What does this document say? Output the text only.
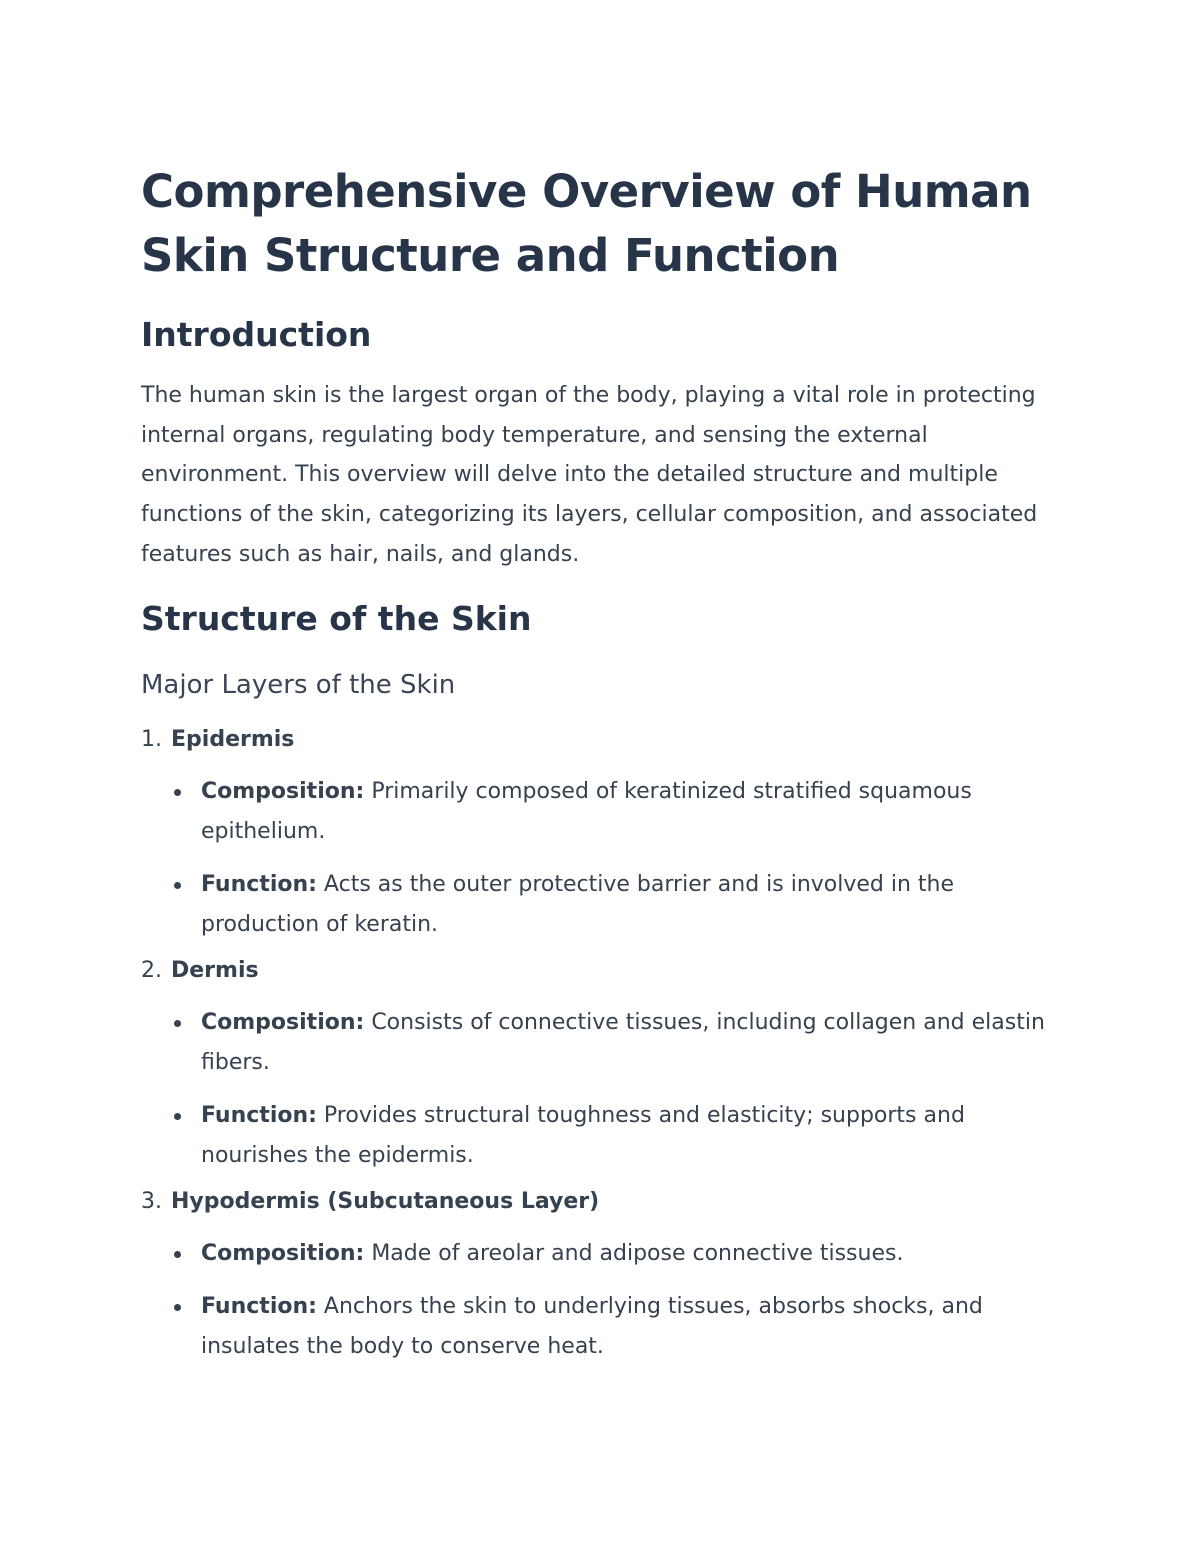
Comprehensive Overview of Human Skin Structure and Function
Introduction

The human skin is the largest organ of the body, playing a vital role in protecting internal organs, regulating body temperature, and sensing the external environment. This overview will delve into the detailed structure and multiple functions of the skin, categorizing its layers, cellular composition, and associated features such as hair, nails, and glands.

Structure of the Skin
Major Layers of the Skin
1. Epidermis
Composition: Primarily composed of keratinized stratified squamous epithelium.
Function: Acts as the outer protective barrier and is involved in the production of keratin.
2. Dermis
Composition: Consists of connective tissues, including collagen and elastin fibers.
Function: Provides structural toughness and elasticity; supports and nourishes the epidermis.
3. Hypodermis (Subcutaneous Layer)
Composition: Made of areolar and adipose connective tissues.
Function: Anchors the skin to underlying tissues, absorbs shocks, and insulates the body to conserve heat.
